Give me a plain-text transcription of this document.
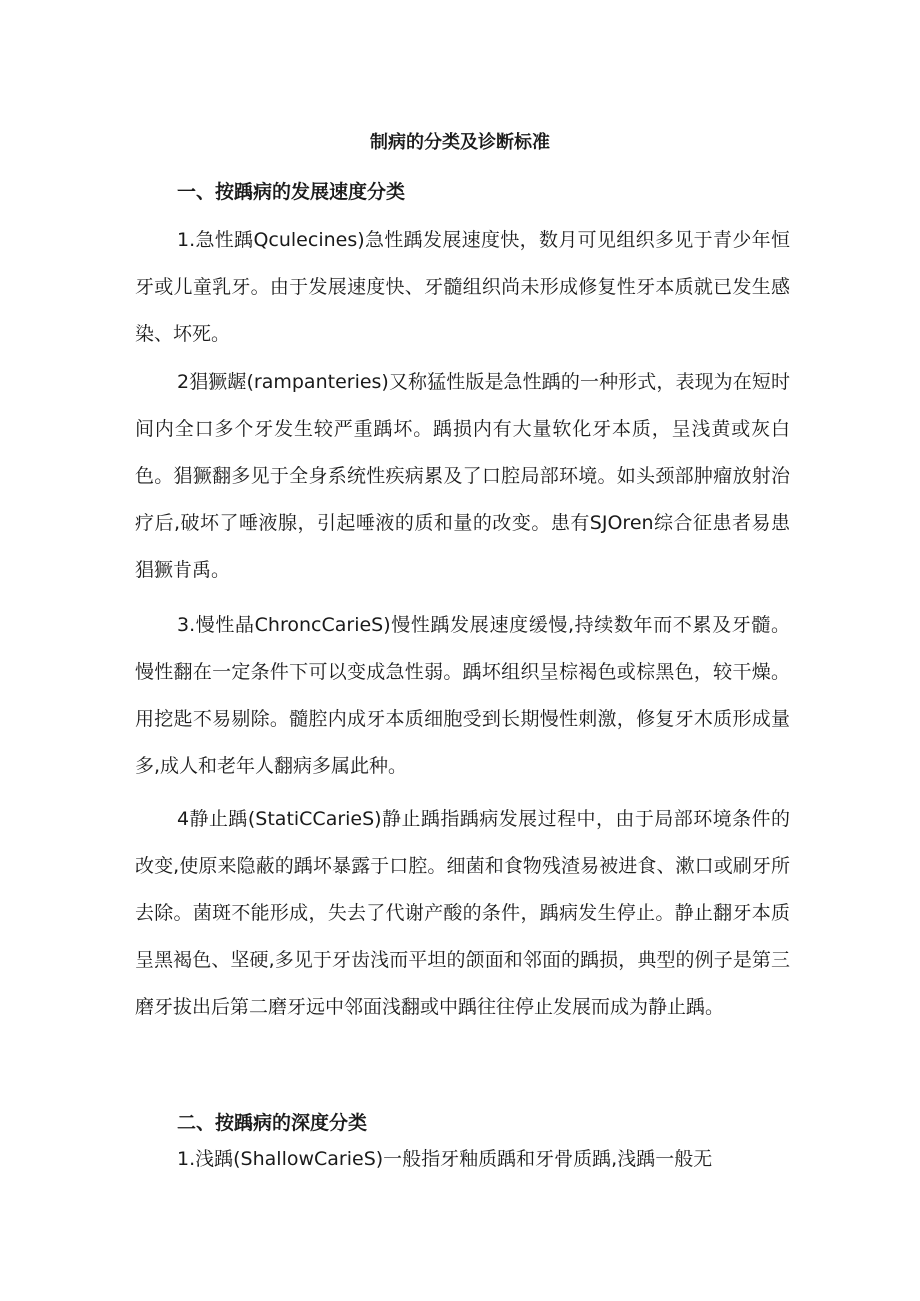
制病的分类及诊断标准
一、按踽病的发展速度分类

1.急性踽Qculecines)急性踽发展速度快，数月可见组织多见于青少年恒牙或儿童乳牙。由于发展速度快、牙髓组织尚未形成修复性牙本质就已发生感染、坏死。

2猖獗龌(rampanteries)又称猛性版是急性踽的一种形式，表现为在短时间内全口多个牙发生较严重踽坏。踽损内有大量软化牙本质，呈浅黄或灰白色。猖獗翻多见于全身系统性疾病累及了口腔局部环境。如头颈部肿瘤放射治疗后,破坏了唾液腺，引起唾液的质和量的改变。患有SJOren综合征患者易患猖獗肯禹。

3.慢性晶ChroncCarieS)慢性踽发展速度缓慢,持续数年而不累及牙髓。慢性翻在一定条件下可以变成急性弱。踽坏组织呈棕褐色或棕黑色，较干燥。用挖匙不易剔除。髓腔内成牙本质细胞受到长期慢性刺激，修复牙木质形成量多,成人和老年人翻病多属此种。

4静止踽(StatiCCarieS)静止踽指踽病发展过程中，由于局部环境条件的改变,使原来隐蔽的踽坏暴露于口腔。细菌和食物残渣易被进食、漱口或刷牙所去除。菌斑不能形成，失去了代谢产酸的条件，踽病发生停止。静止翻牙本质呈黑褐色、坚硬,多见于牙齿浅而平坦的颌面和邻面的踽损，典型的例子是第三磨牙拔出后第二磨牙远中邻面浅翻或中踽往往停止发展而成为静止踽。

二、按踽病的深度分类

1.浅踽(ShallowCarieS)一般指牙釉质踽和牙骨质踽,浅踽一般无
